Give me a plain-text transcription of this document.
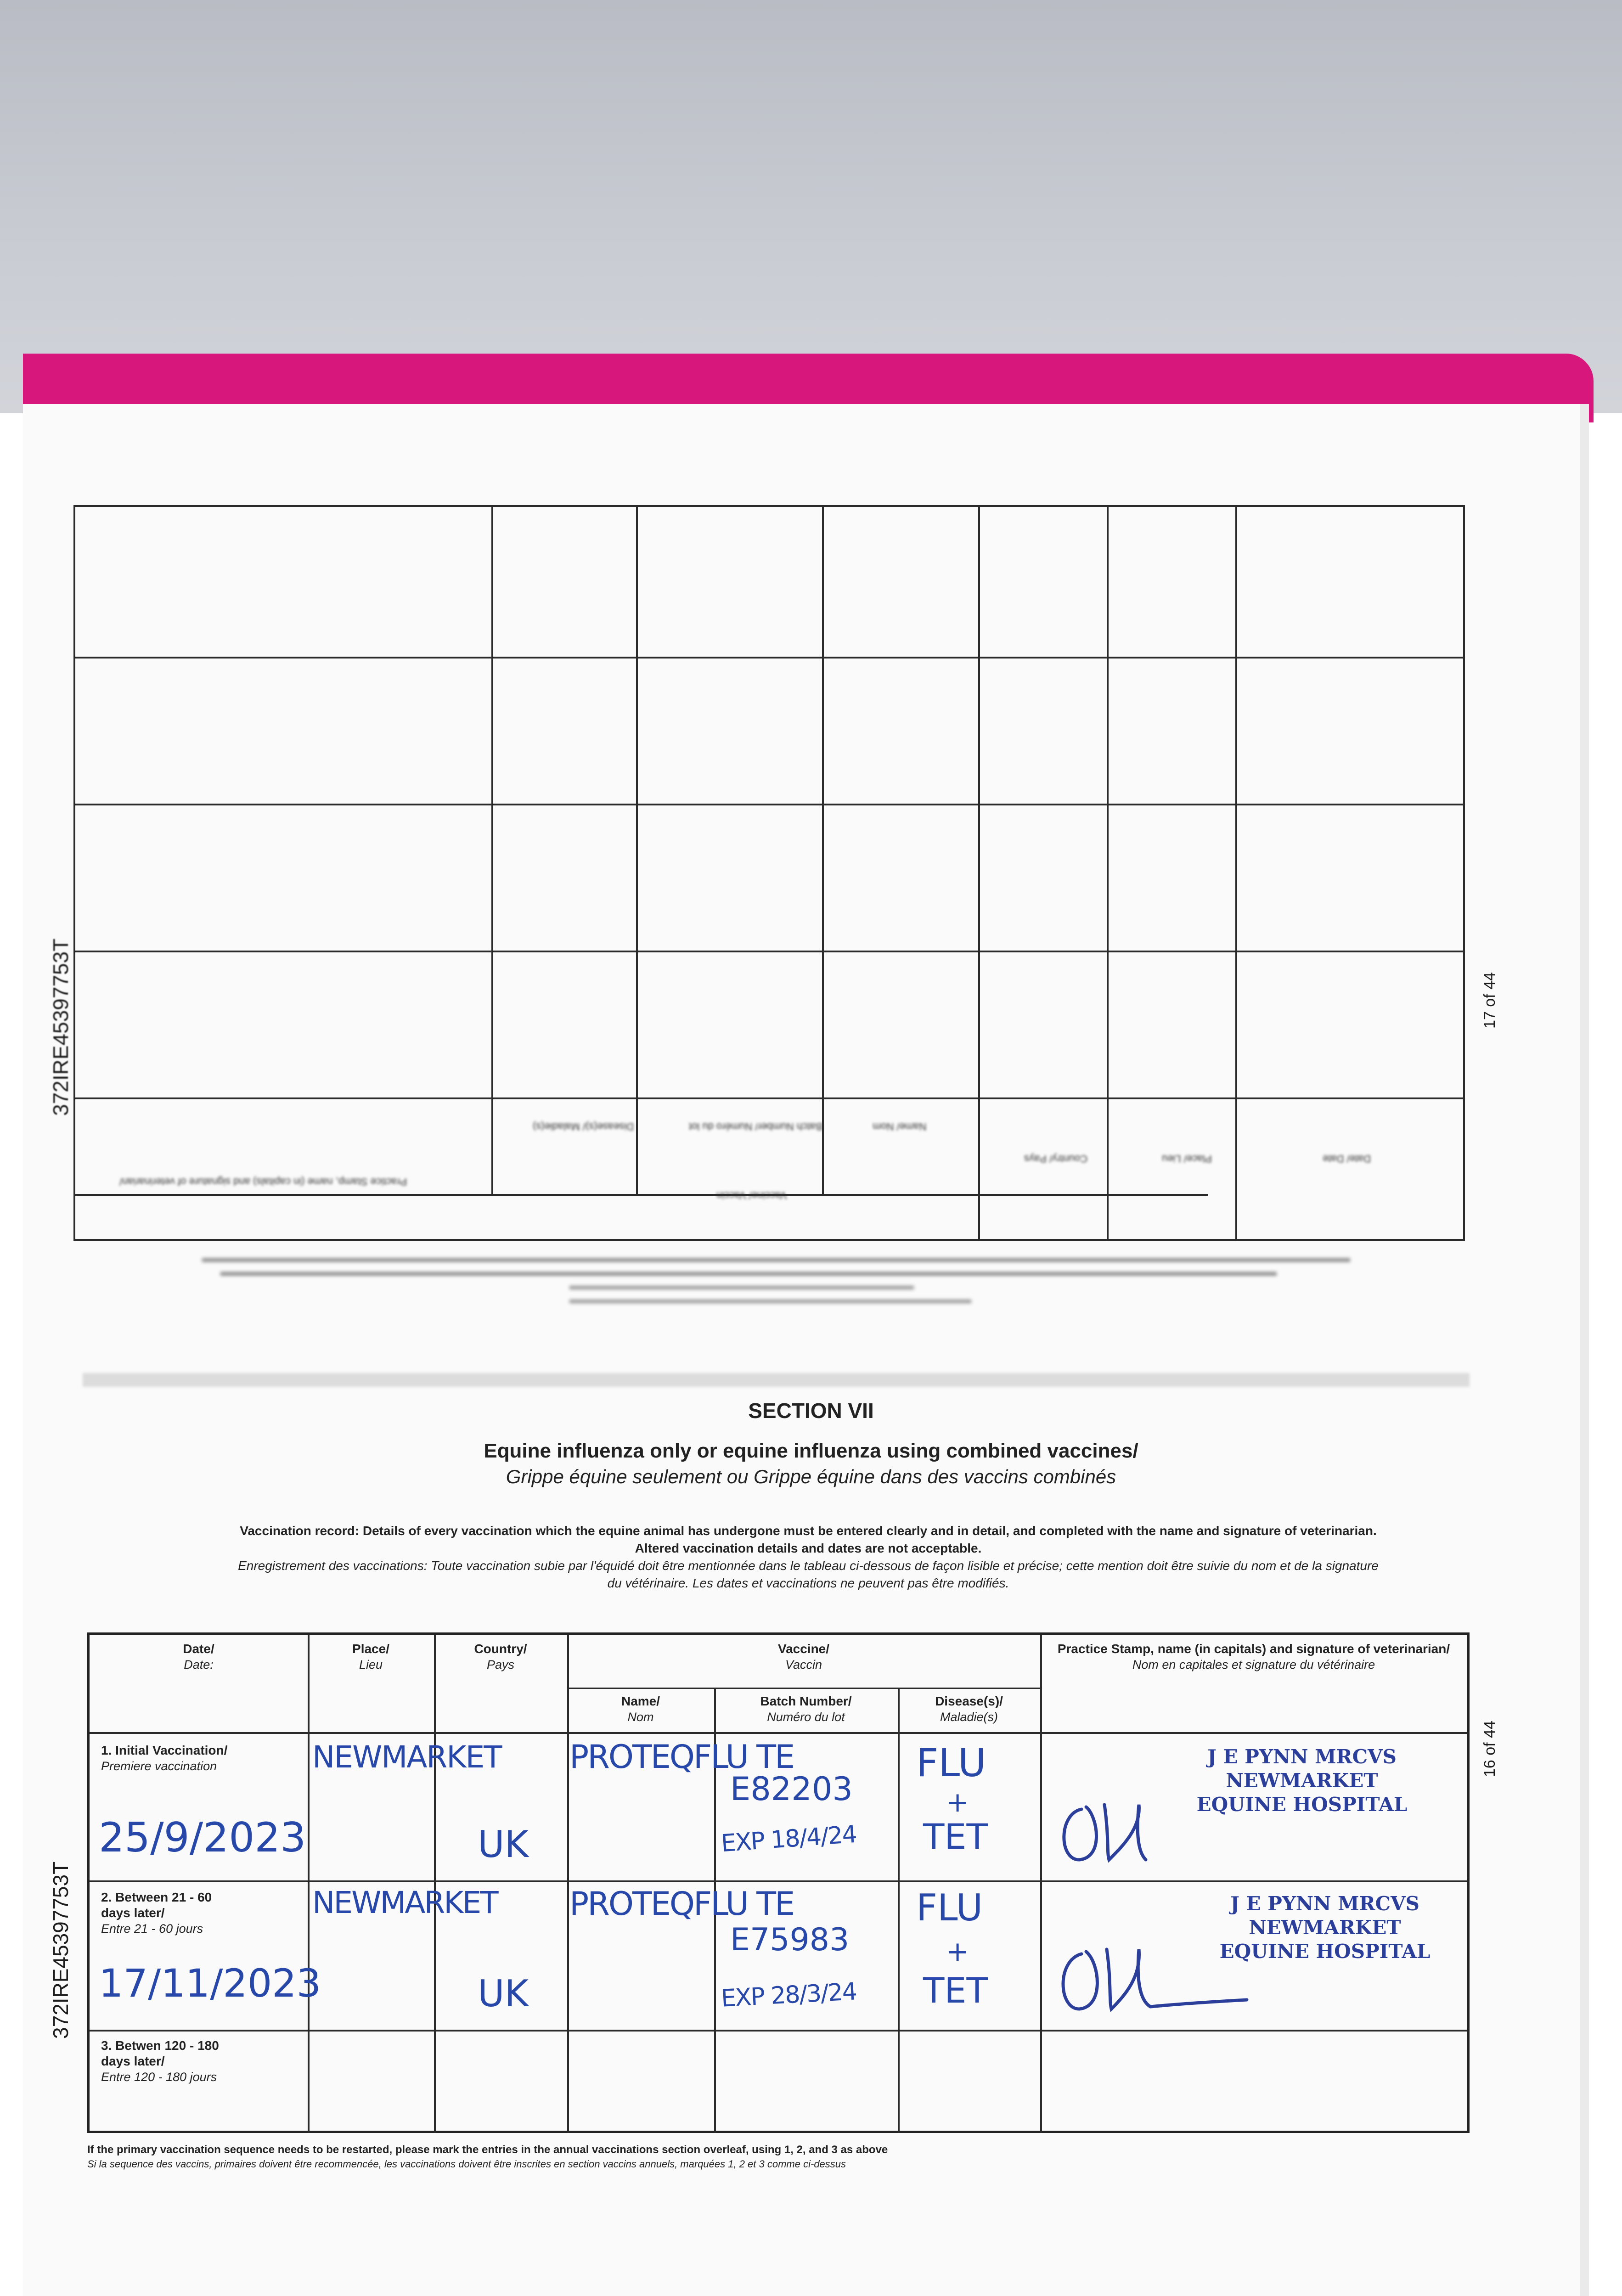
Date/ Date
Place/ Lieu
Country/ Pays
Vaccine/ Vaccin
Name/ Nom
Batch Number/ Numéro du lot
Disease(s)/ Maladie(s)
Practice Stamp, name (in capitals) and signature of veterinarian/
372IRE45397753T	17 of 44
372IRE45397753T
16 of 44
SECTION VII
Equine influenza only or equine influenza using combined vaccines/
Grippe équine seulement ou Grippe équine dans des vaccins combinés
Vaccination record: Details of every vaccination which the equine animal has undergone must be entered clearly and in detail, and completed with the name and signature of veterinarian.
Altered vaccination details and dates are not acceptable.
Enregistrement des vaccinations: Toute vaccination subie par l'équidé doit être mentionnée dans le tableau ci-dessous de façon lisible et précise; cette mention doit être suivie du nom et de la signature
du vétérinaire. Les dates et vaccinations ne peuvent pas être modifiés.
Date/
Date:
Place/
Lieu
Country/
Pays
Vaccine/
Vaccin
Name/
Nom
Batch Number/
Numéro du lot
Disease(s)/
Maladie(s)
Practice Stamp, name (in capitals) and signature of veterinarian/
Nom en capitales et signature du vétérinaire
1. Initial Vaccination/
Premiere vaccination
2. Between 21 - 60 days later/
Entre 21 - 60 jours
3. Betwen 120 - 180 days later/
Entre 120 - 180 jours
25/9/2023
NEWMARKET
UK
PROTEQFLU TE
E82203
EXP 18/4/24
FLU
+
TET
J E PYNN MRCVS
NEWMARKET
EQUINE HOSPITAL
17/11/2023
NEWMARKET
UK
PROTEQFLU TE
E75983
EXP 28/3/24
FLU
+
TET
J E PYNN MRCVS
NEWMARKET
EQUINE HOSPITAL
If the primary vaccination sequence needs to be restarted, please mark the entries in the annual vaccinations section overleaf, using 1, 2, and 3 as above
Si la sequence des vaccins, primaires doivent être recommencée, les vaccinations doivent être inscrites en section vaccins annuels, marquées 1, 2 et 3 comme ci-dessus
